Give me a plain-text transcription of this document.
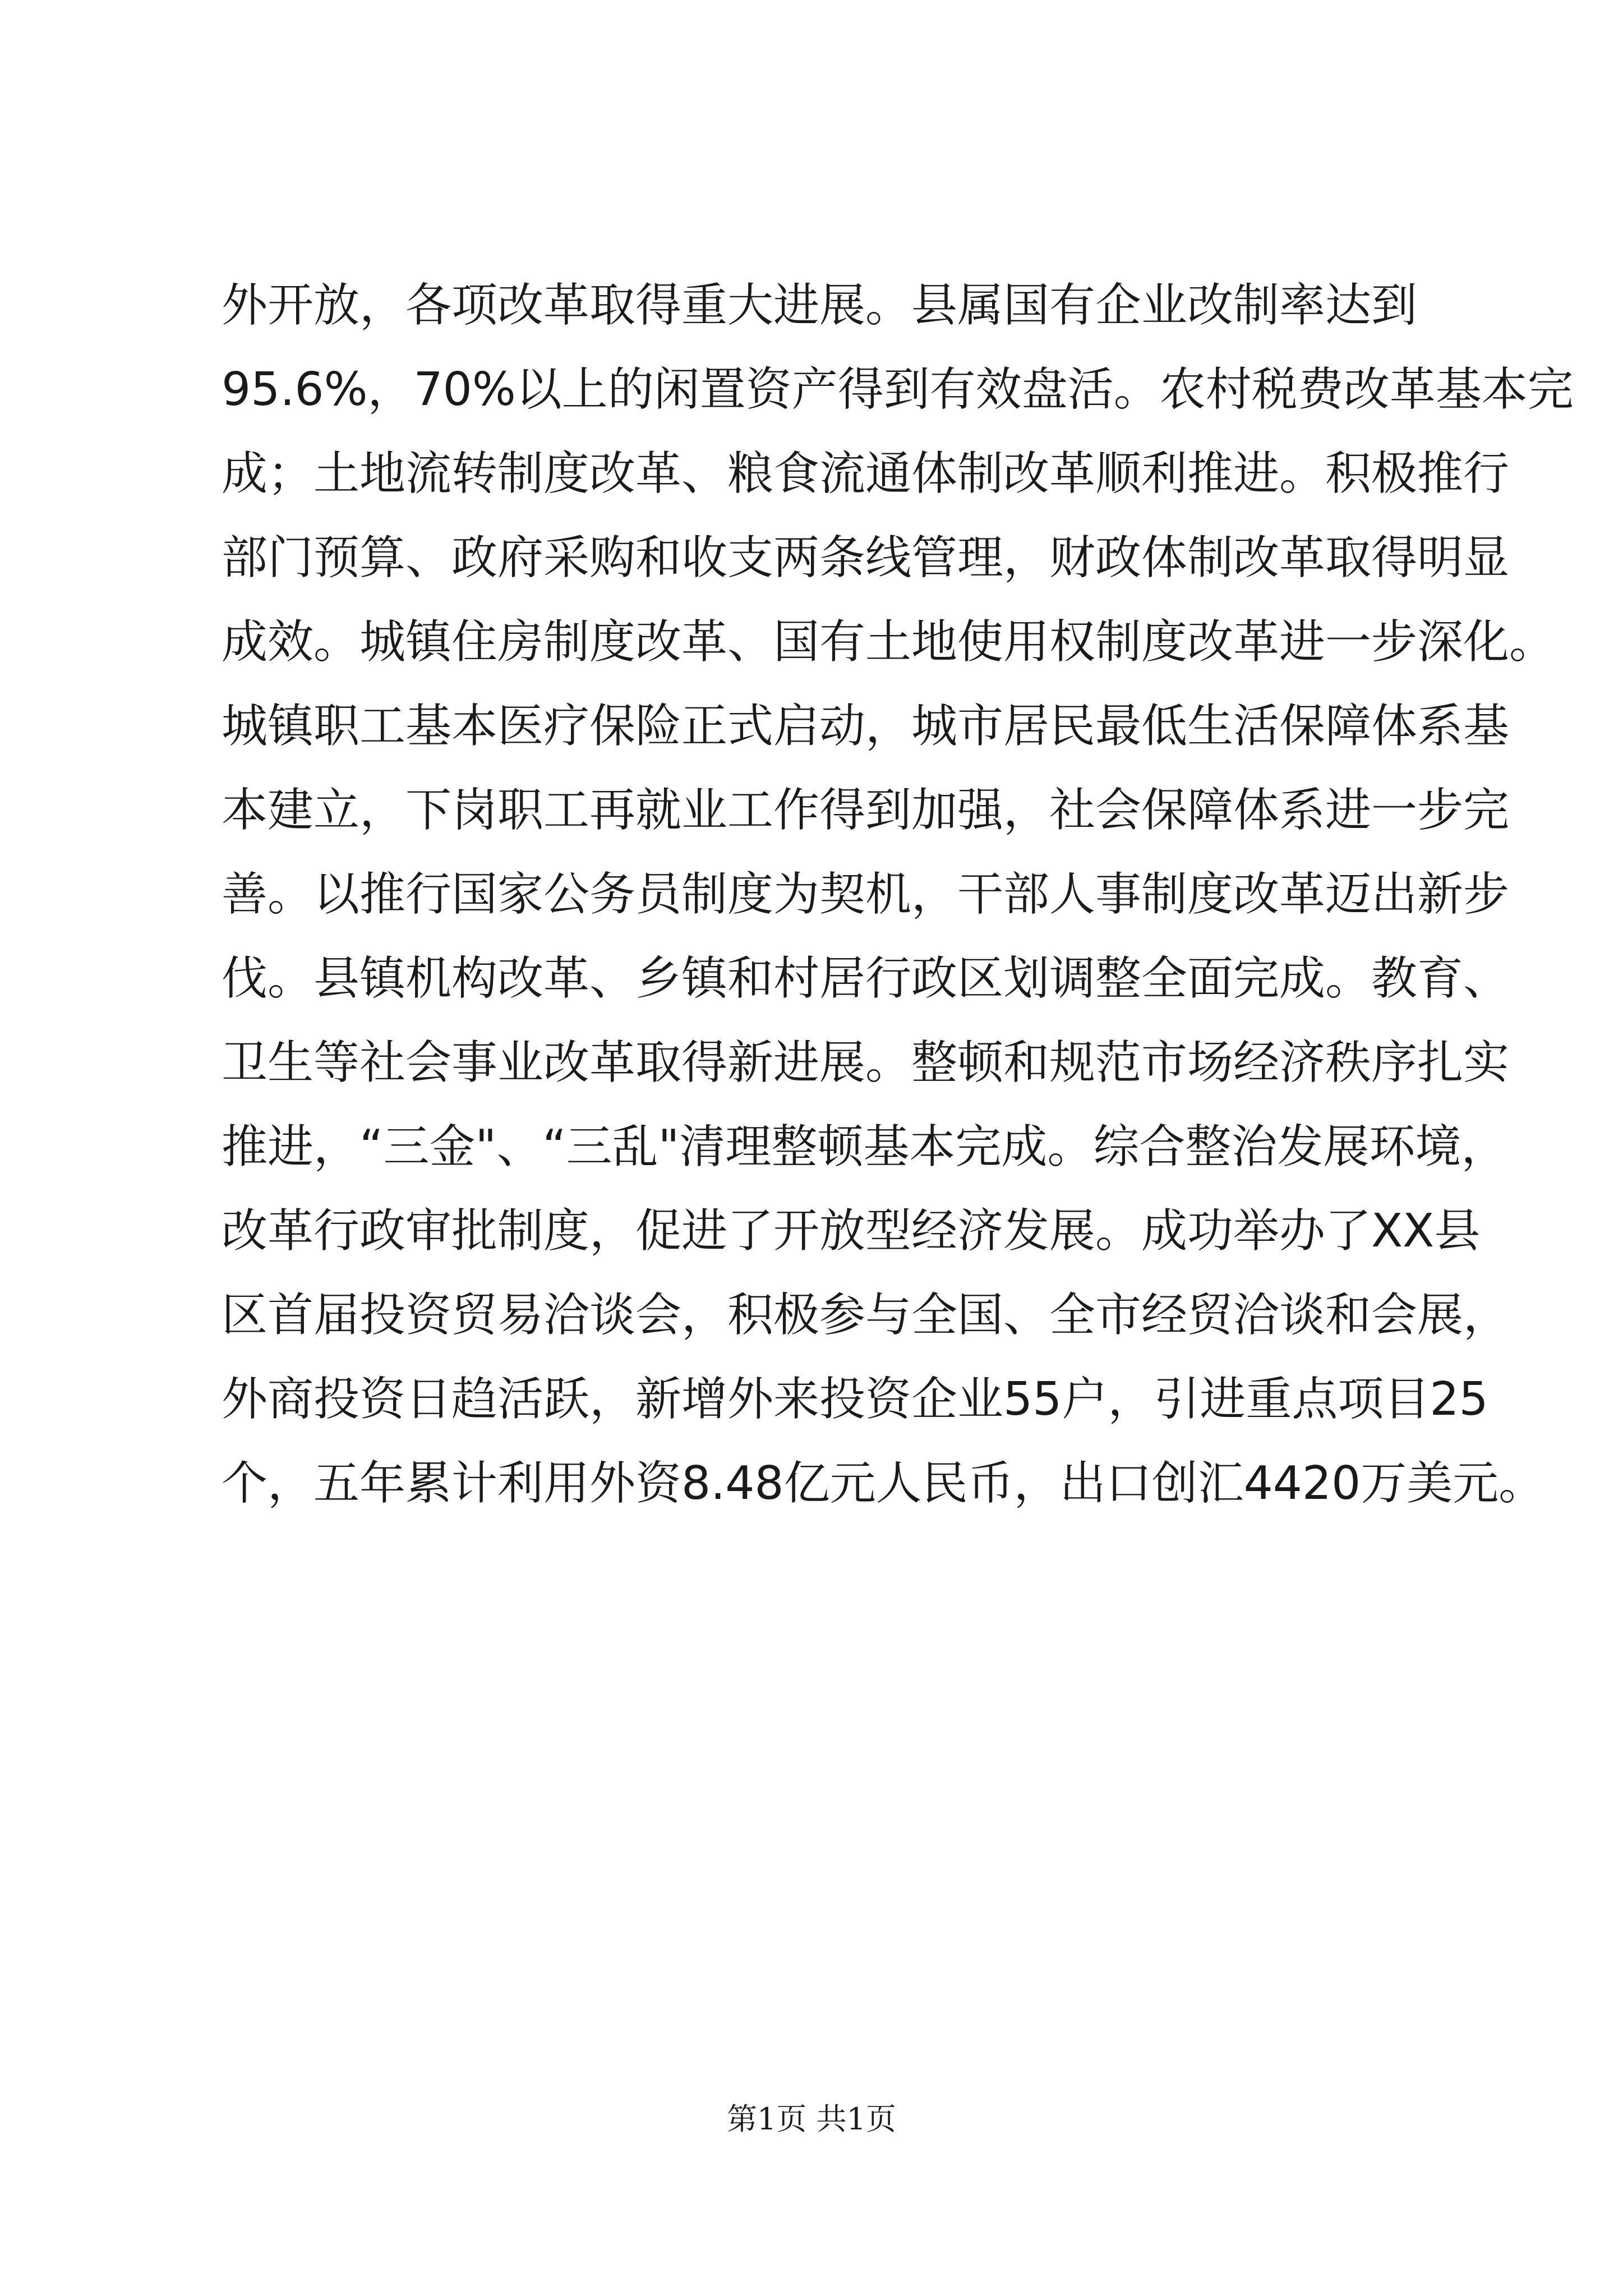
外开放，各项改革取得重大进展。县属国有企业改制率达到
95.6%，70%以上的闲置资产得到有效盘活。农村税费改革基本完
成；土地流转制度改革、粮食流通体制改革顺利推进。积极推行
部门预算、政府采购和收支两条线管理，财政体制改革取得明显
成效。城镇住房制度改革、国有土地使用权制度改革进一步深化。
城镇职工基本医疗保险正式启动，城市居民最低生活保障体系基
本建立，下岗职工再就业工作得到加强，社会保障体系进一步完
善。以推行国家公务员制度为契机，干部人事制度改革迈出新步
伐。县镇机构改革、乡镇和村居行政区划调整全面完成。教育、
卫生等社会事业改革取得新进展。整顿和规范市场经济秩序扎实
推进，“三金"、“三乱"清理整顿基本完成。综合整治发展环境，
改革行政审批制度，促进了开放型经济发展。成功举办了XX县
区首届投资贸易洽谈会，积极参与全国、全市经贸洽谈和会展，
外商投资日趋活跃，新增外来投资企业55户，引进重点项目25
个，五年累计利用外资8.48亿元人民币，出口创汇4420万美元。
第1页 共1页
